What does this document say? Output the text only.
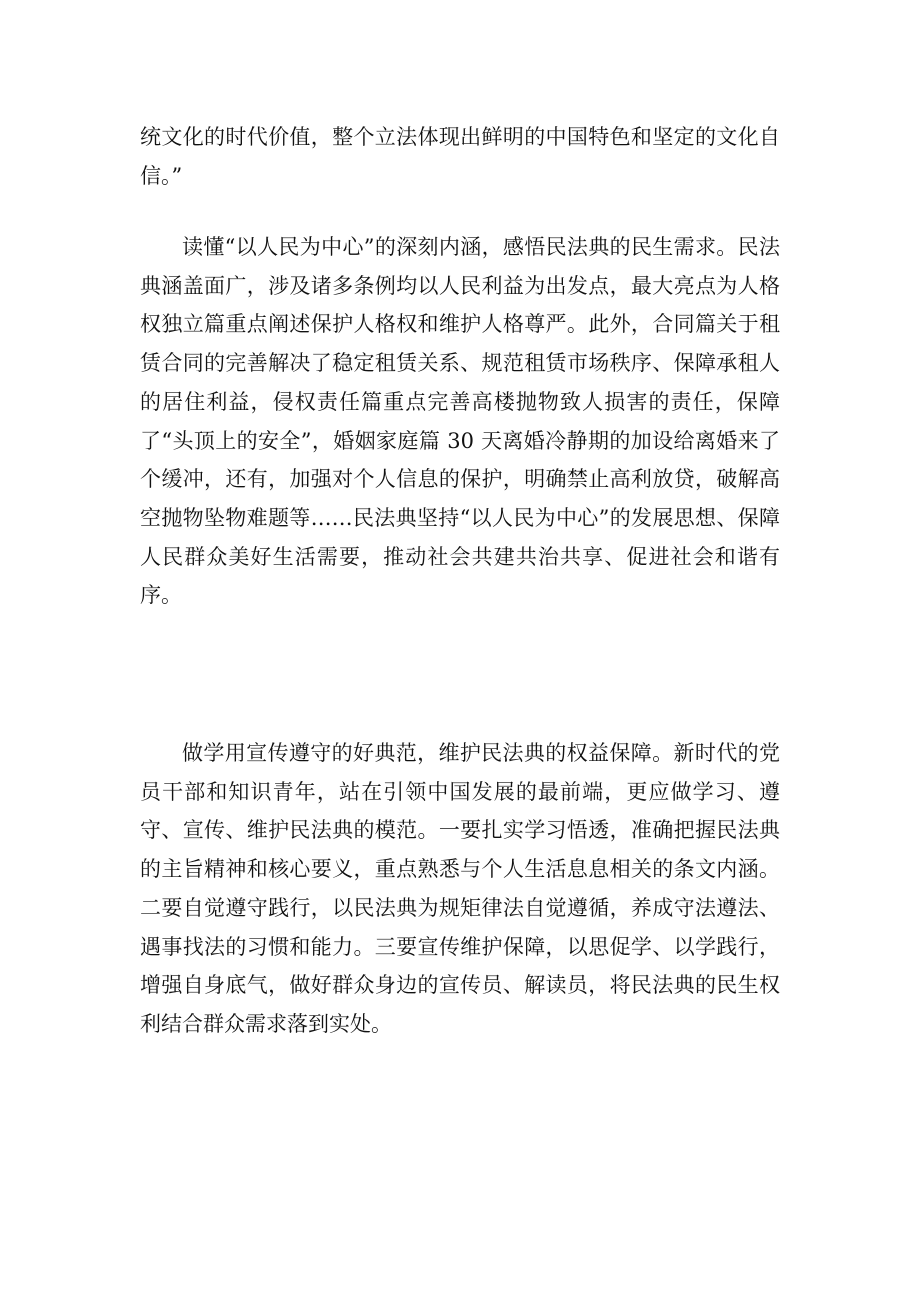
统文化的时代价值，整个立法体现出鲜明的中国特色和坚定的文化自信。”

读懂“以人民为中心”的深刻内涵，感悟民法典的民生需求。民法典涵盖面广，涉及诸多条例均以人民利益为出发点，最大亮点为人格权独立篇重点阐述保护人格权和维护人格尊严。此外，合同篇关于租赁合同的完善解决了稳定租赁关系、规范租赁市场秩序、保障承租人的居住利益，侵权责任篇重点完善高楼抛物致人损害的责任，保障了“头顶上的安全”，婚姻家庭篇 30 天离婚冷静期的加设给离婚来了个缓冲，还有，加强对个人信息的保护，明确禁止高利放贷，破解高空抛物坠物难题等……民法典坚持“以人民为中心”的发展思想、保障人民群众美好生活需要，推动社会共建共治共享、促进社会和谐有序。

做学用宣传遵守的好典范，维护民法典的权益保障。新时代的党员干部和知识青年，站在引领中国发展的最前端，更应做学习、遵守、宣传、维护民法典的模范。一要扎实学习悟透，准确把握民法典的主旨精神和核心要义，重点熟悉与个人生活息息相关的条文内涵。二要自觉遵守践行，以民法典为规矩律法自觉遵循，养成守法遵法、遇事找法的习惯和能力。三要宣传维护保障，以思促学、以学践行，增强自身底气，做好群众身边的宣传员、解读员，将民法典的民生权利结合群众需求落到实处。
